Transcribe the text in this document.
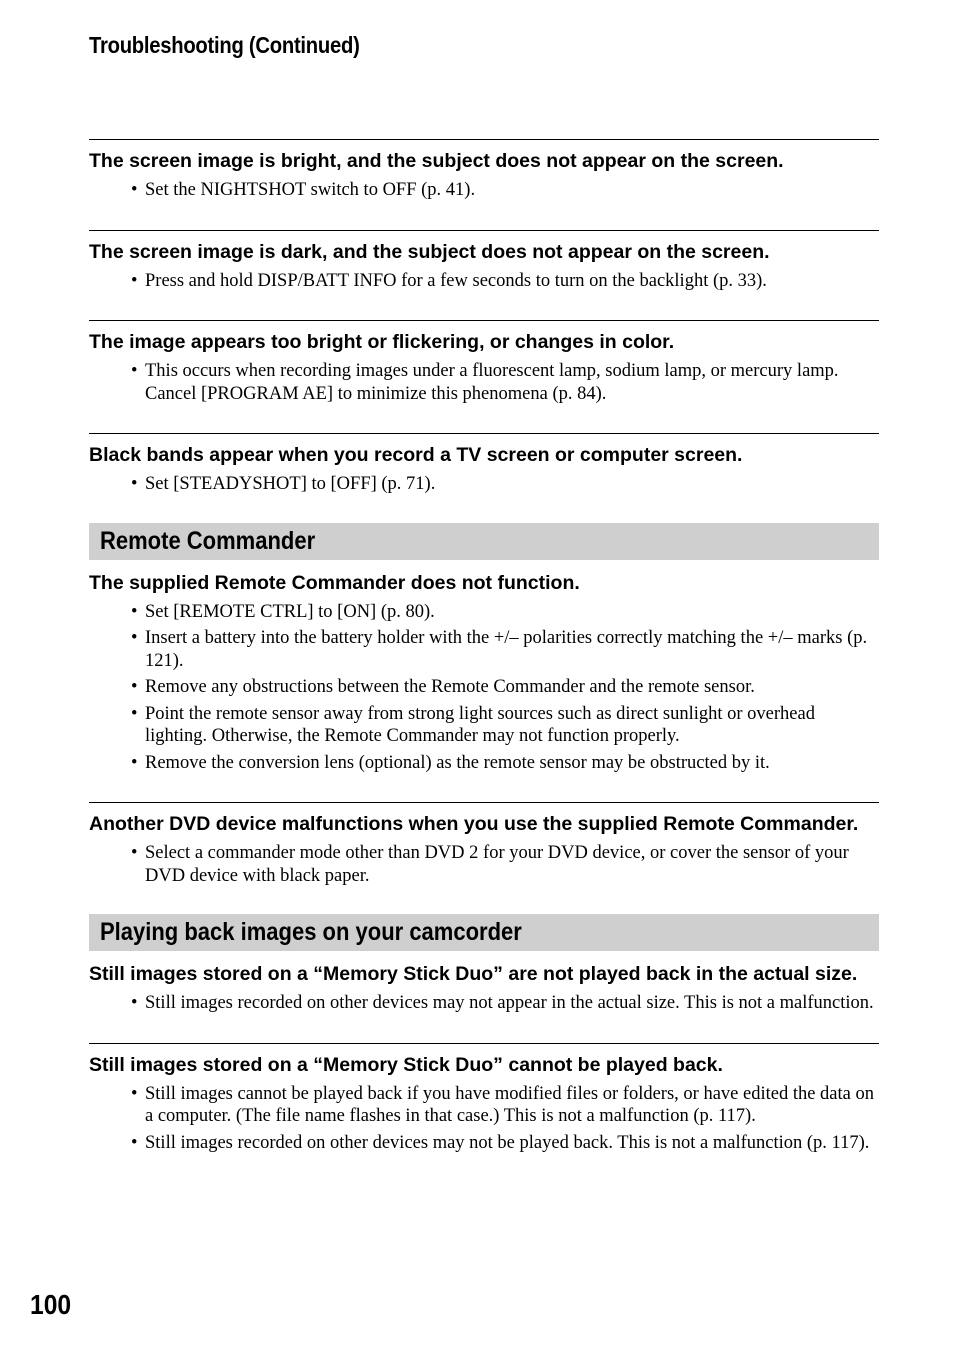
Troubleshooting (Continued)
The screen image is bright, and the subject does not appear on the screen.
• Set the NIGHTSHOT switch to OFF (p. 41).
The screen image is dark, and the subject does not appear on the screen.
• Press and hold DISP/BATT INFO for a few seconds to turn on the backlight (p. 33).
The image appears too bright or flickering, or changes in color.
• This occurs when recording images under a fluorescent lamp, sodium lamp, or mercury lamp. Cancel [PROGRAM AE] to minimize this phenomena (p. 84).
Black bands appear when you record a TV screen or computer screen.
• Set [STEADYSHOT] to [OFF] (p. 71).
Remote Commander
The supplied Remote Commander does not function.
• Set [REMOTE CTRL] to [ON] (p. 80).
• Insert a battery into the battery holder with the +/– polarities correctly matching the +/– marks (p. 121).
• Remove any obstructions between the Remote Commander and the remote sensor.
• Point the remote sensor away from strong light sources such as direct sunlight or overhead lighting. Otherwise, the Remote Commander may not function properly.
• Remove the conversion lens (optional) as the remote sensor may be obstructed by it.
Another DVD device malfunctions when you use the supplied Remote Commander.
• Select a commander mode other than DVD 2 for your DVD device, or cover the sensor of your DVD device with black paper.
Playing back images on your camcorder
Still images stored on a “Memory Stick Duo” are not played back in the actual size.
• Still images recorded on other devices may not appear in the actual size. This is not a malfunction.
Still images stored on a “Memory Stick Duo” cannot be played back.
• Still images cannot be played back if you have modified files or folders, or have edited the data on a computer. (The file name flashes in that case.) This is not a malfunction (p. 117).
• Still images recorded on other devices may not be played back. This is not a malfunction (p. 117).
100
